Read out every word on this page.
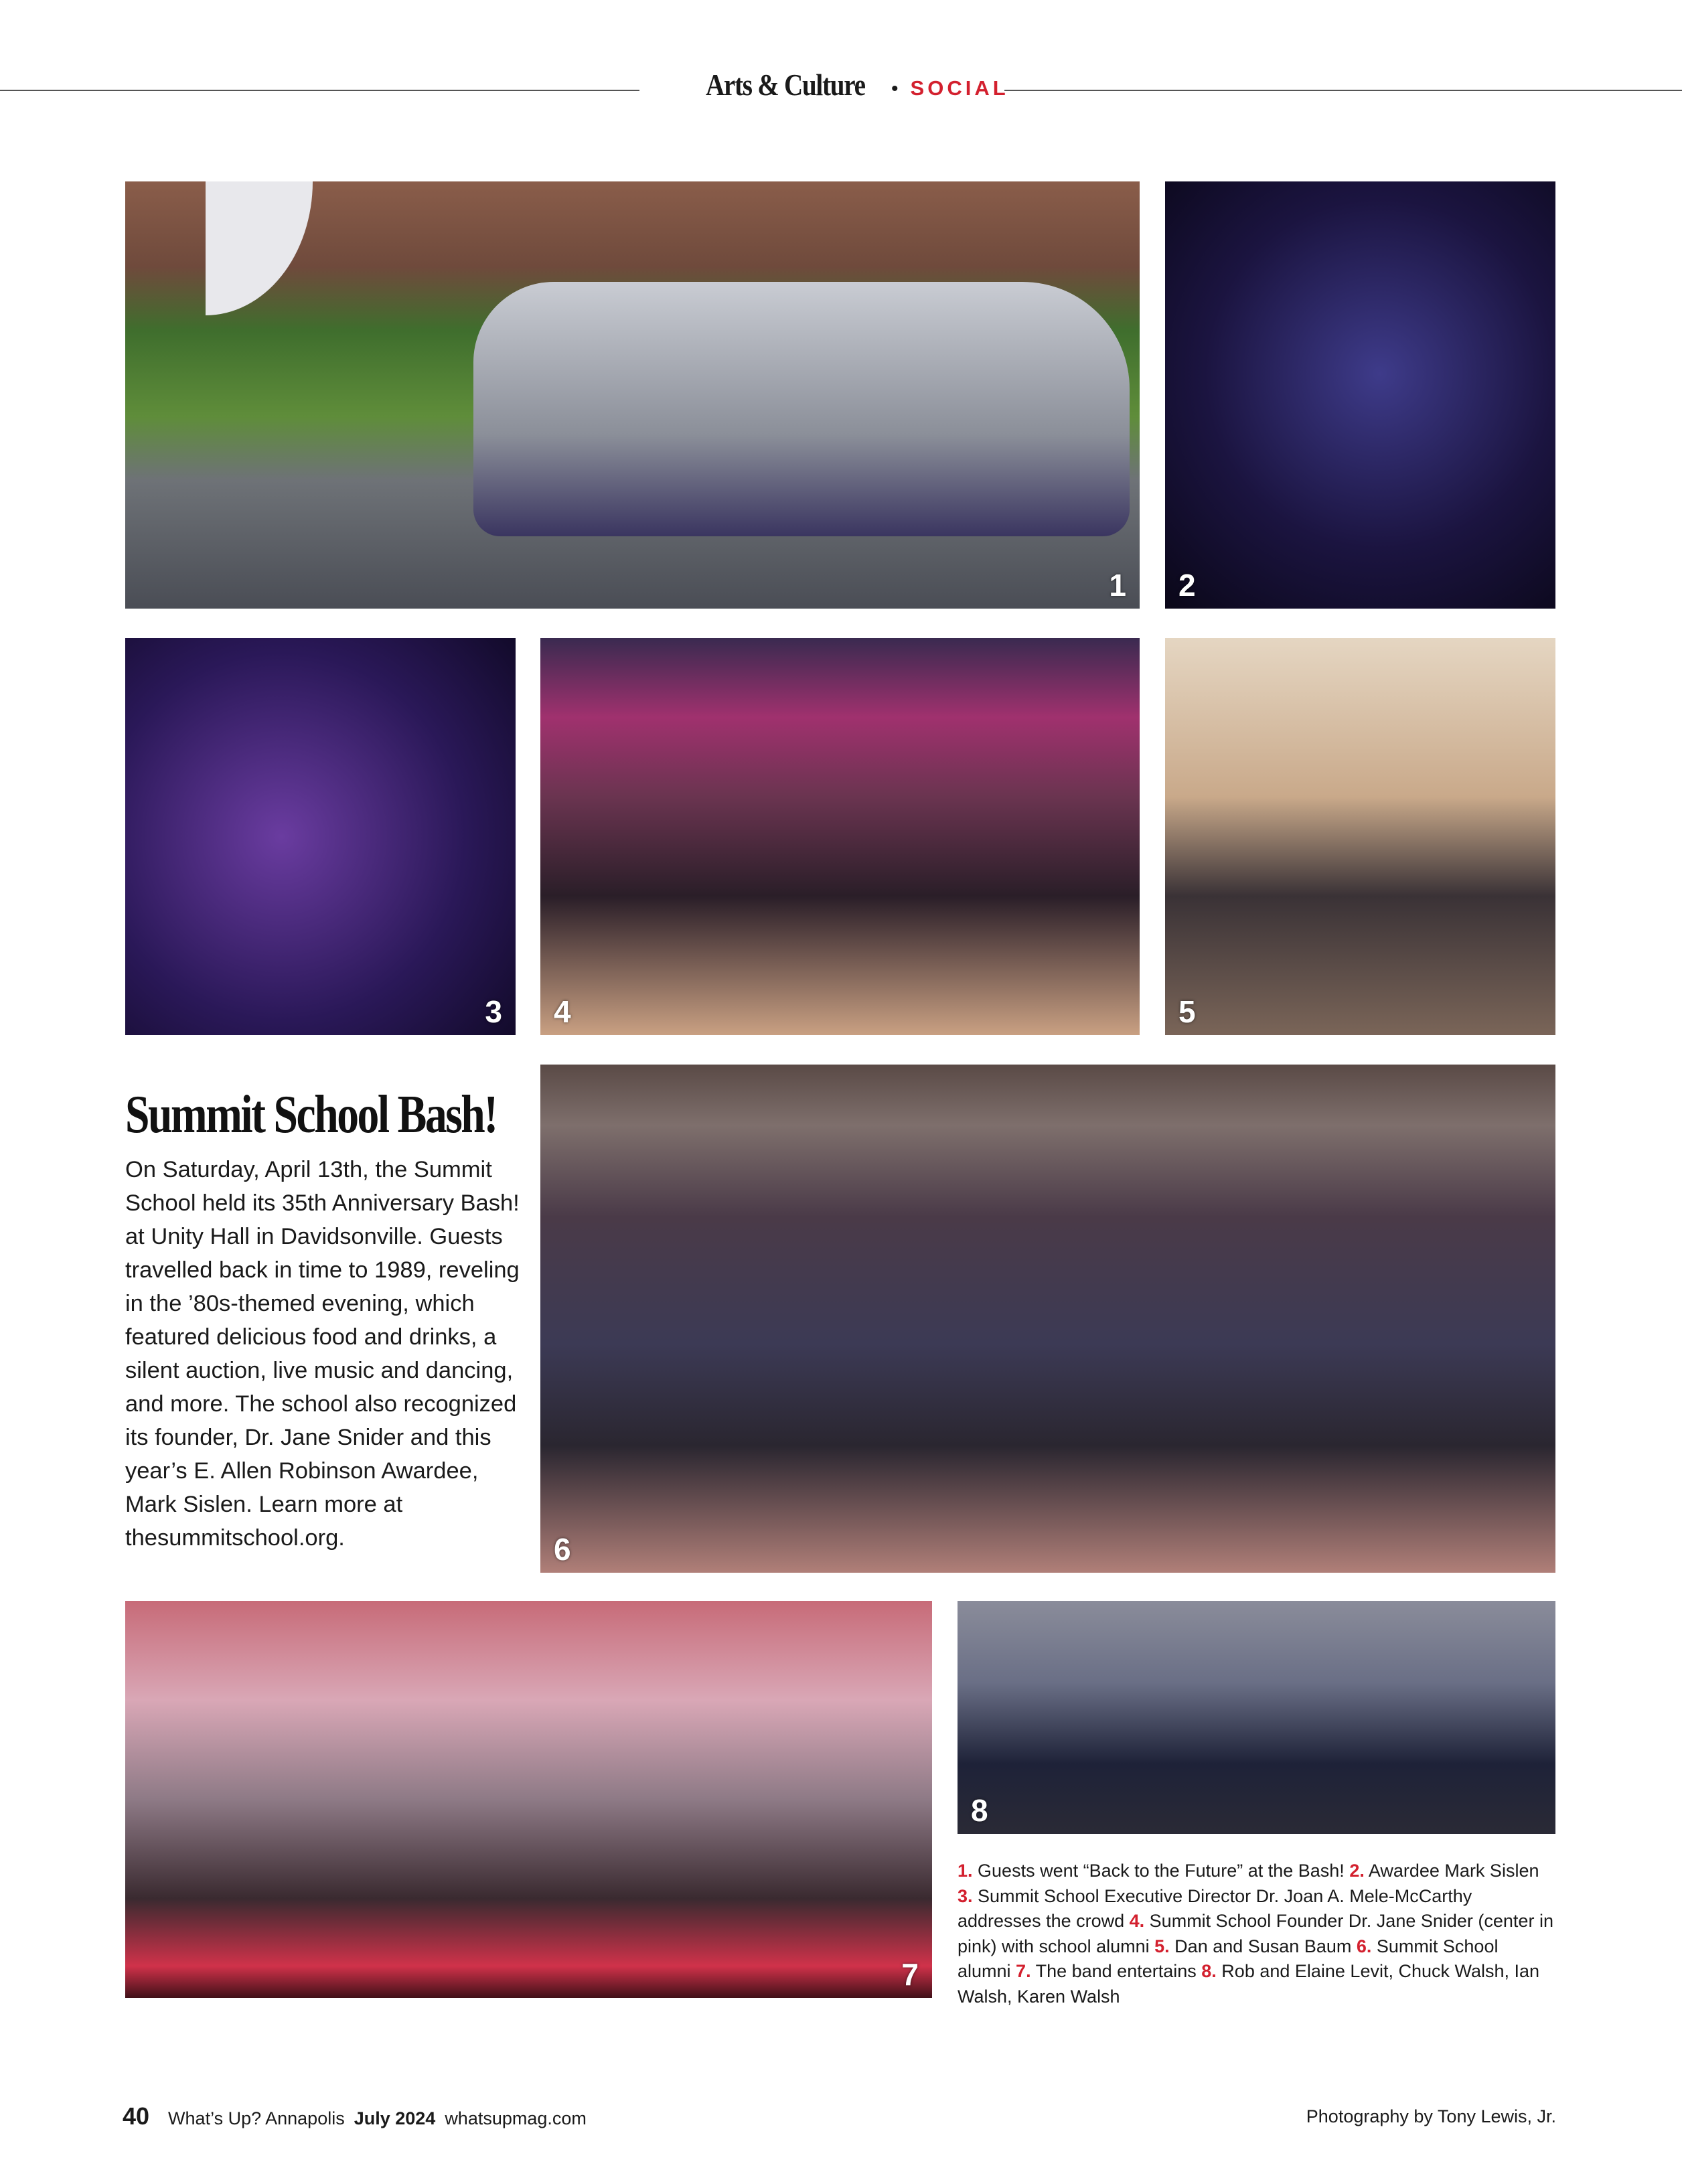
Arts & Culture • SOCIAL
1 2
3 4	5
6
7
8
Summit School Bash!
On Saturday, April 13th, the Summit School held its 35th Anniversary Bash! at Unity Hall in Davidsonville. Guests travelled back in time to 1989, reveling in the ’80s-themed evening, which featured delicious food and drinks, a silent auction, live music and dancing, and more. The school also recognized its founder, Dr. Jane Snider and this year’s E. Allen Robinson Awardee, Mark Sislen. Learn more at thesummitschool.org.
1. Guests went “Back to the Future” at the Bash! 2. Awardee Mark Sislen 3. Summit School Executive Director Dr. Joan A. Mele-McCarthy addresses the crowd 4. Summit School Founder Dr. Jane Snider (center in pink) with school alumni 5. Dan and Susan Baum 6. Summit School alumni 7. The band entertains 8. Rob and Elaine Levit, Chuck Walsh, Ian Walsh, Karen Walsh
40 What’s Up? Annapolis July 2024 whatsupmag.com	Photography by Tony Lewis, Jr.
